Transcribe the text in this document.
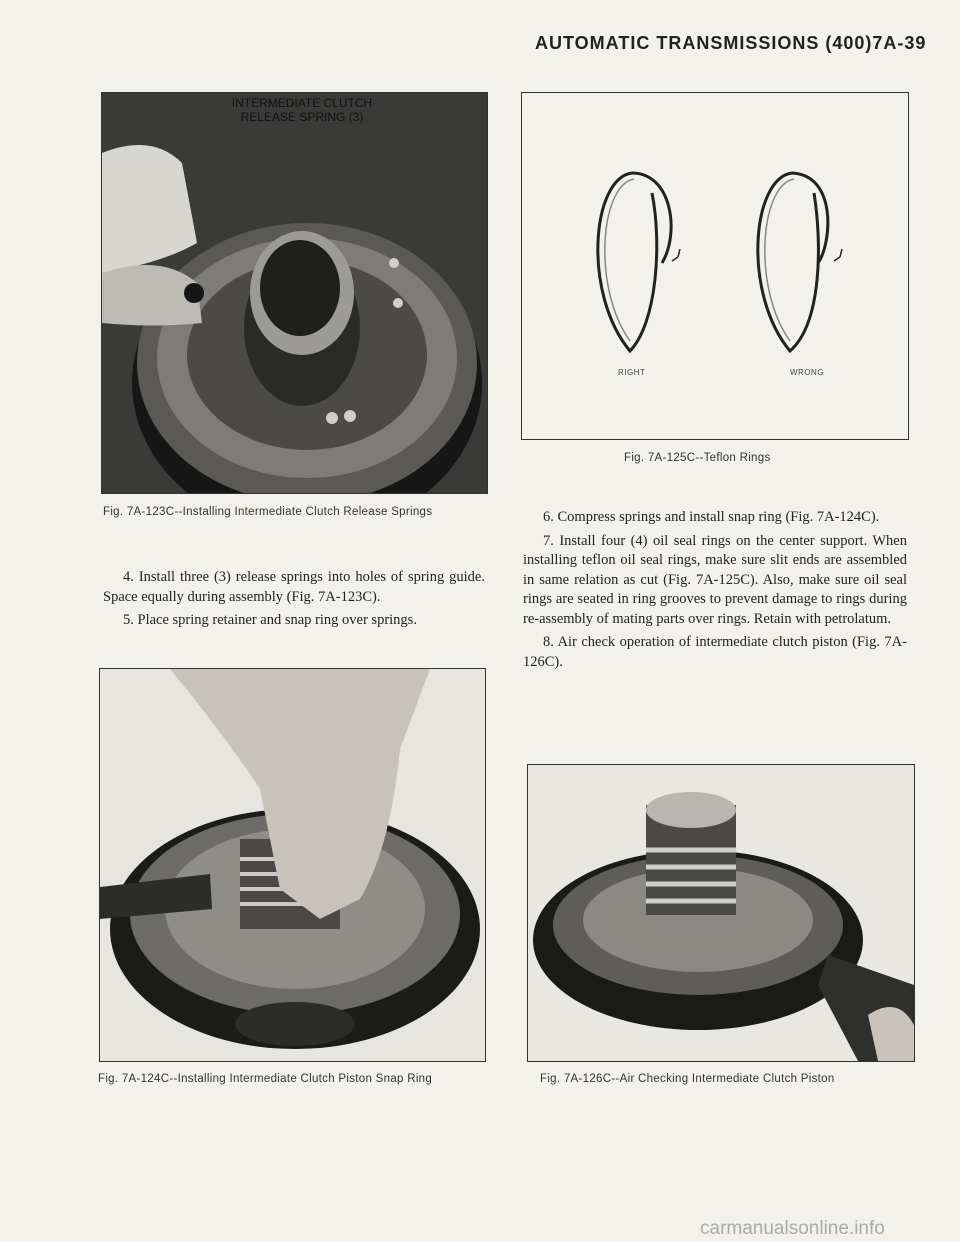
AUTOMATIC TRANSMISSIONS (400)7A-39
INTERMEDIATE CLUTCH
RELEASE SPRING (3)
Fig. 7A-123C--Installing Intermediate Clutch Release Springs
RIGHT	WRONG
Fig. 7A-125C--Teflon Rings

4. Install three (3) release springs into holes of spring guide. Space equally during assembly (Fig. 7A-123C).

5. Place spring retainer and snap ring over springs.

6. Compress springs and install snap ring (Fig. 7A-124C).

7. Install four (4) oil seal rings on the center support. When installing teflon oil seal rings, make sure slit ends are assembled in same relation as cut (Fig. 7A-125C). Also, make sure oil seal rings are seated in ring grooves to prevent damage to rings during re-assembly of mating parts over rings. Retain with petrolatum.

8. Air check operation of intermediate clutch piston (Fig. 7A-126C).

Fig. 7A-124C--Installing Intermediate Clutch Piston Snap Ring	Fig. 7A-126C--Air Checking Intermediate Clutch Piston
carmanualsonline.info
